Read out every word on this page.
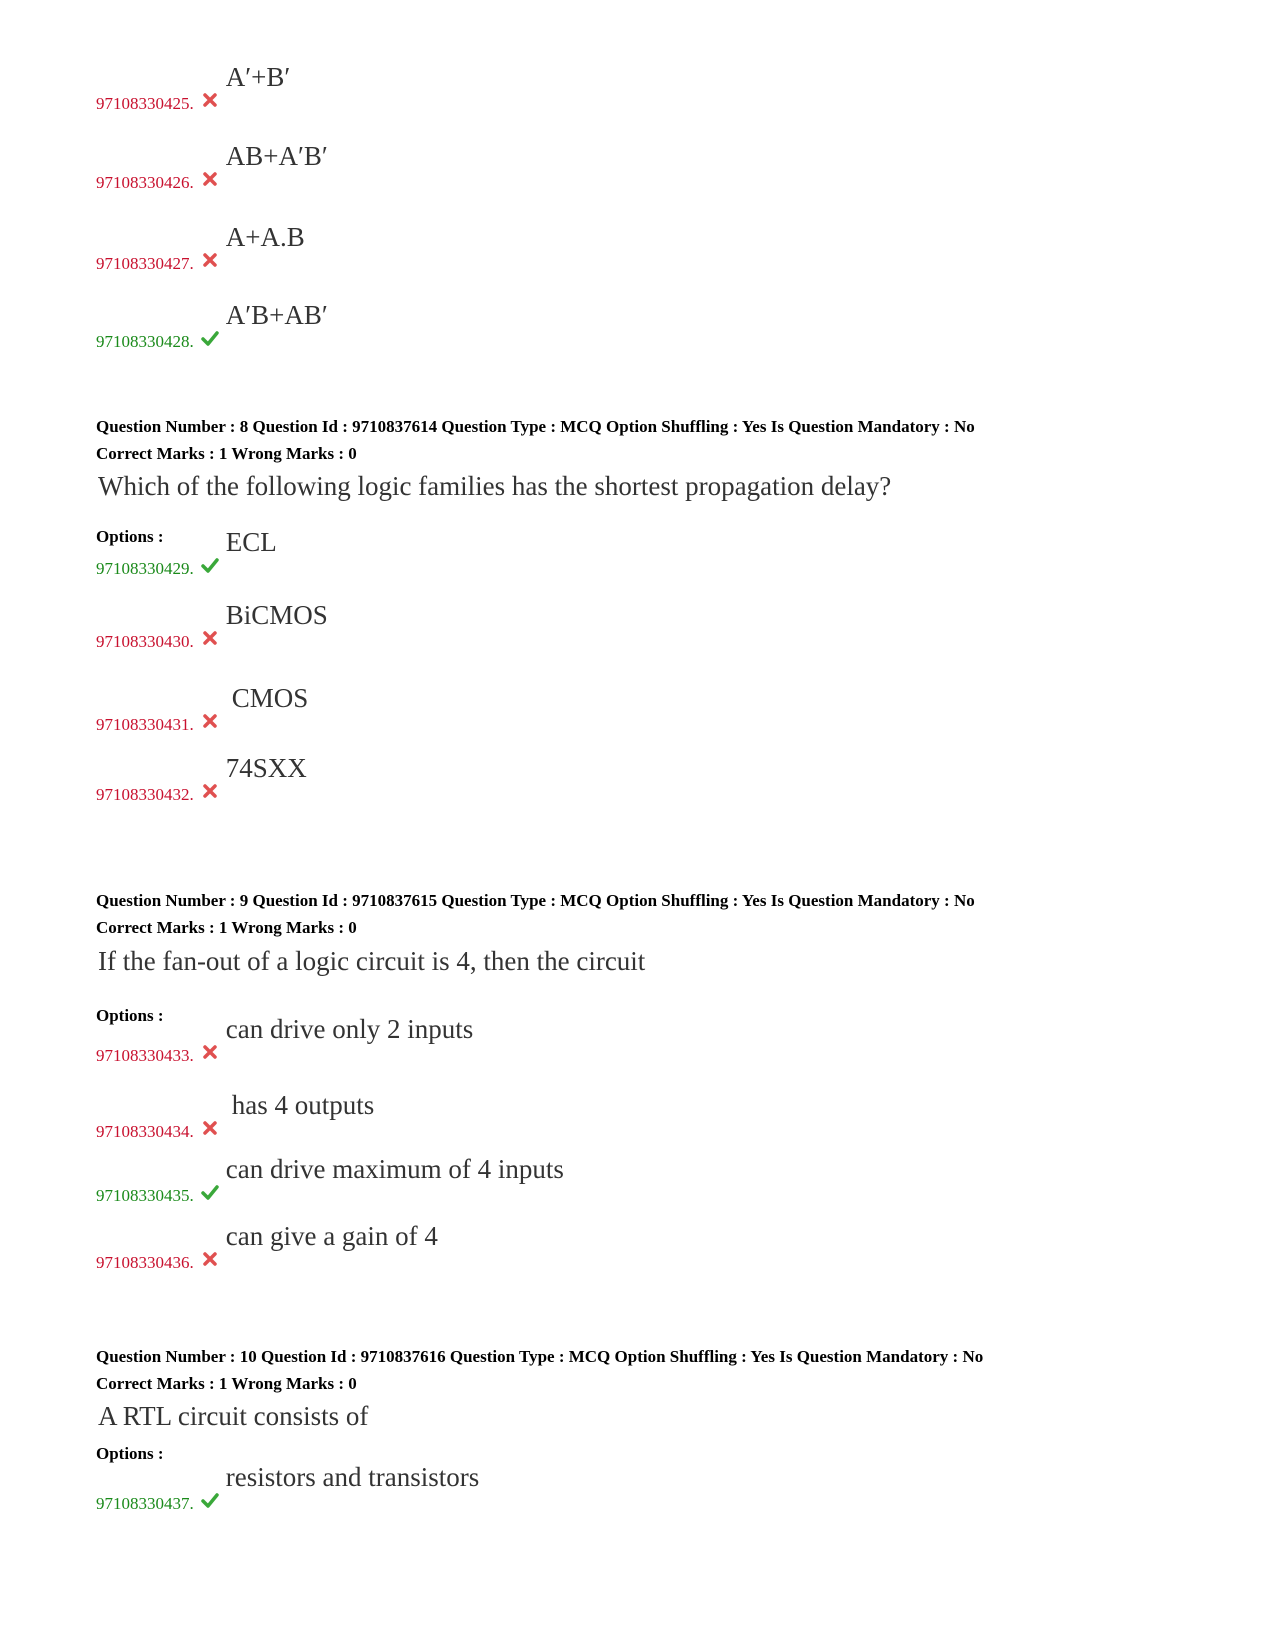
97108330425.
A′+B′
97108330426.
AB+A′B′
97108330427.
A+A.B
97108330428.
A′B+AB′
Question Number : 8 Question Id : 9710837614 Question Type : MCQ Option Shuffling : Yes Is Question Mandatory : No
Correct Marks : 1 Wrong Marks : 0
Which of the following logic families has the shortest propagation delay?
Options :
97108330429.
ECL
97108330430.
BiCMOS
97108330431.
CMOS
97108330432.
74SXX
Question Number : 9 Question Id : 9710837615 Question Type : MCQ Option Shuffling : Yes Is Question Mandatory : No
Correct Marks : 1 Wrong Marks : 0
If the fan-out of a logic circuit is 4, then the circuit
Options :
97108330433.
can drive only 2 inputs
97108330434.
has 4 outputs
97108330435.
can drive maximum of 4 inputs
97108330436.
can give a gain of 4
Question Number : 10 Question Id : 9710837616 Question Type : MCQ Option Shuffling : Yes Is Question Mandatory : No
Correct Marks : 1 Wrong Marks : 0
A RTL circuit consists of
Options :
97108330437.
resistors and transistors
